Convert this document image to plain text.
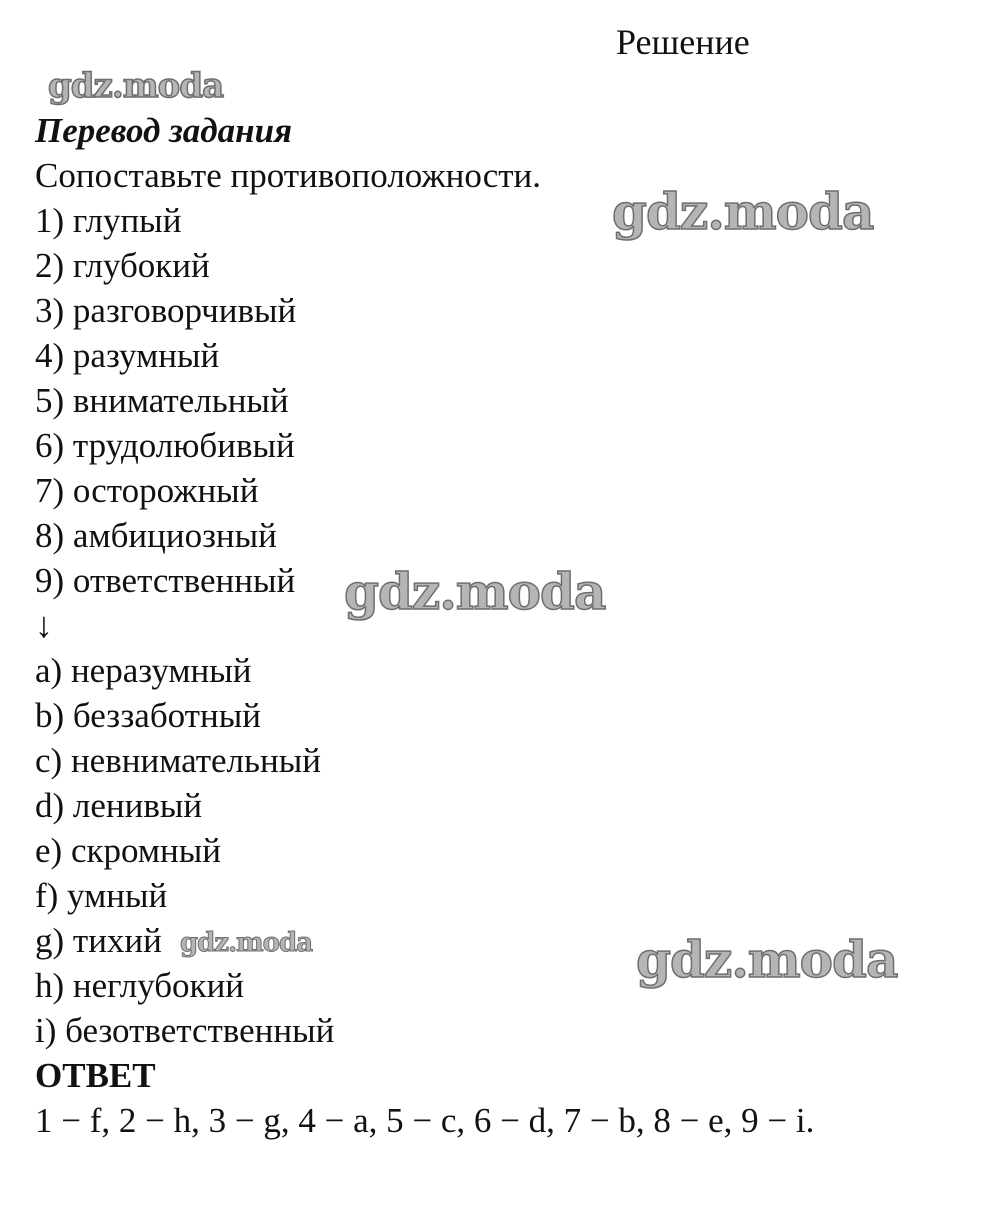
Решение
Перевод задания
Сопоставьте противоположности.
1) глупый
2) глубокий
3) разговорчивый
4) разумный
5) внимательный
6) трудолюбивый
7) осторожный
8) амбициозный
9) ответственный
↓
a) неразумный
b) беззаботный
c) невнимательный
d) ленивый
e) скромный
f) умный
g) тихий
h) неглубокий
i) безответственный
ОТВЕТ
1 − f, 2 − h, 3 − g, 4 − a, 5 − c, 6 − d, 7 − b, 8 − e, 9 − i.
gdz.moda
gdz.moda
gdz.moda
gdz.moda	gdz.moda
